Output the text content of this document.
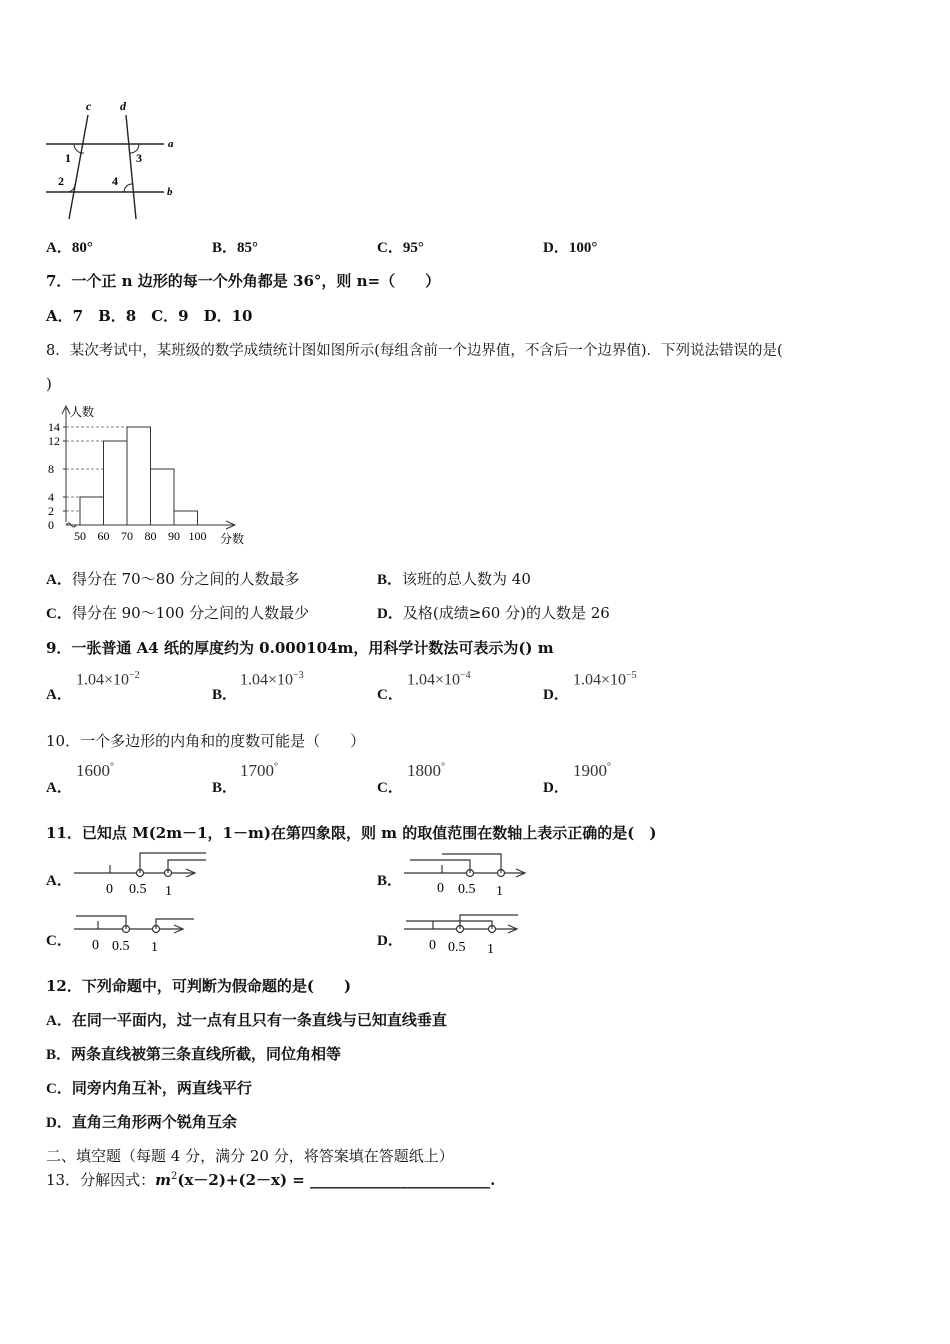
c d
a
b
1
2
3
4
A．80°	B．85°	C．95°	D．100°
7．一个正 n 边形的每一个外角都是 36°，则 n=（　　）
A．7　B．8　C．9　D．10
8．某次考试中，某班级的数学成绩统计图如图所示(每组含前一个边界值，不含后一个边界值)．下列说法错误的是(
)
人数
分数
0
2
4
8
12
14
50 60 70 80 90 100
A．得分在 70～80 分之间的人数最多	B．该班的总人数为 40
C．得分在 90～100 分之间的人数最少	D．及格(成绩≥60 分)的人数是 26
9．一张普通 A4 纸的厚度约为 0.000104m，用科学计数法可表示为() m
A．
$1.04\times 10^{-2}$
B．
$1.04\times 10^{-3}$
C．
$1.04\times 10^{-4}$
D．
$1.04\times 10^{-5}$
10．一个多边形的内角和的度数可能是（　　）
A．
1600°
B．
1700°
C．
1800°
D．
1900°
11．已知点 M(2m－1，1－m)在第四象限，则 m 的取值范围在数轴上表示正确的是(　)
A．
0 0.5 1
B． 0 0.5 1
C． 0 0.5 1	D． 0 0.5 1
12．下列命题中，可判断为假命题的是(　　)
A．在同一平面内，过一点有且只有一条直线与已知直线垂直
B．两条直线被第三条直线所截，同位角相等
C．同旁内角互补，两直线平行
D．直角三角形两个锐角互余
二、填空题（每题 4 分，满分 20 分，将答案填在答题纸上）
13．分解因式：$m^2(x-2)+(2-x)$ = ________________________.
